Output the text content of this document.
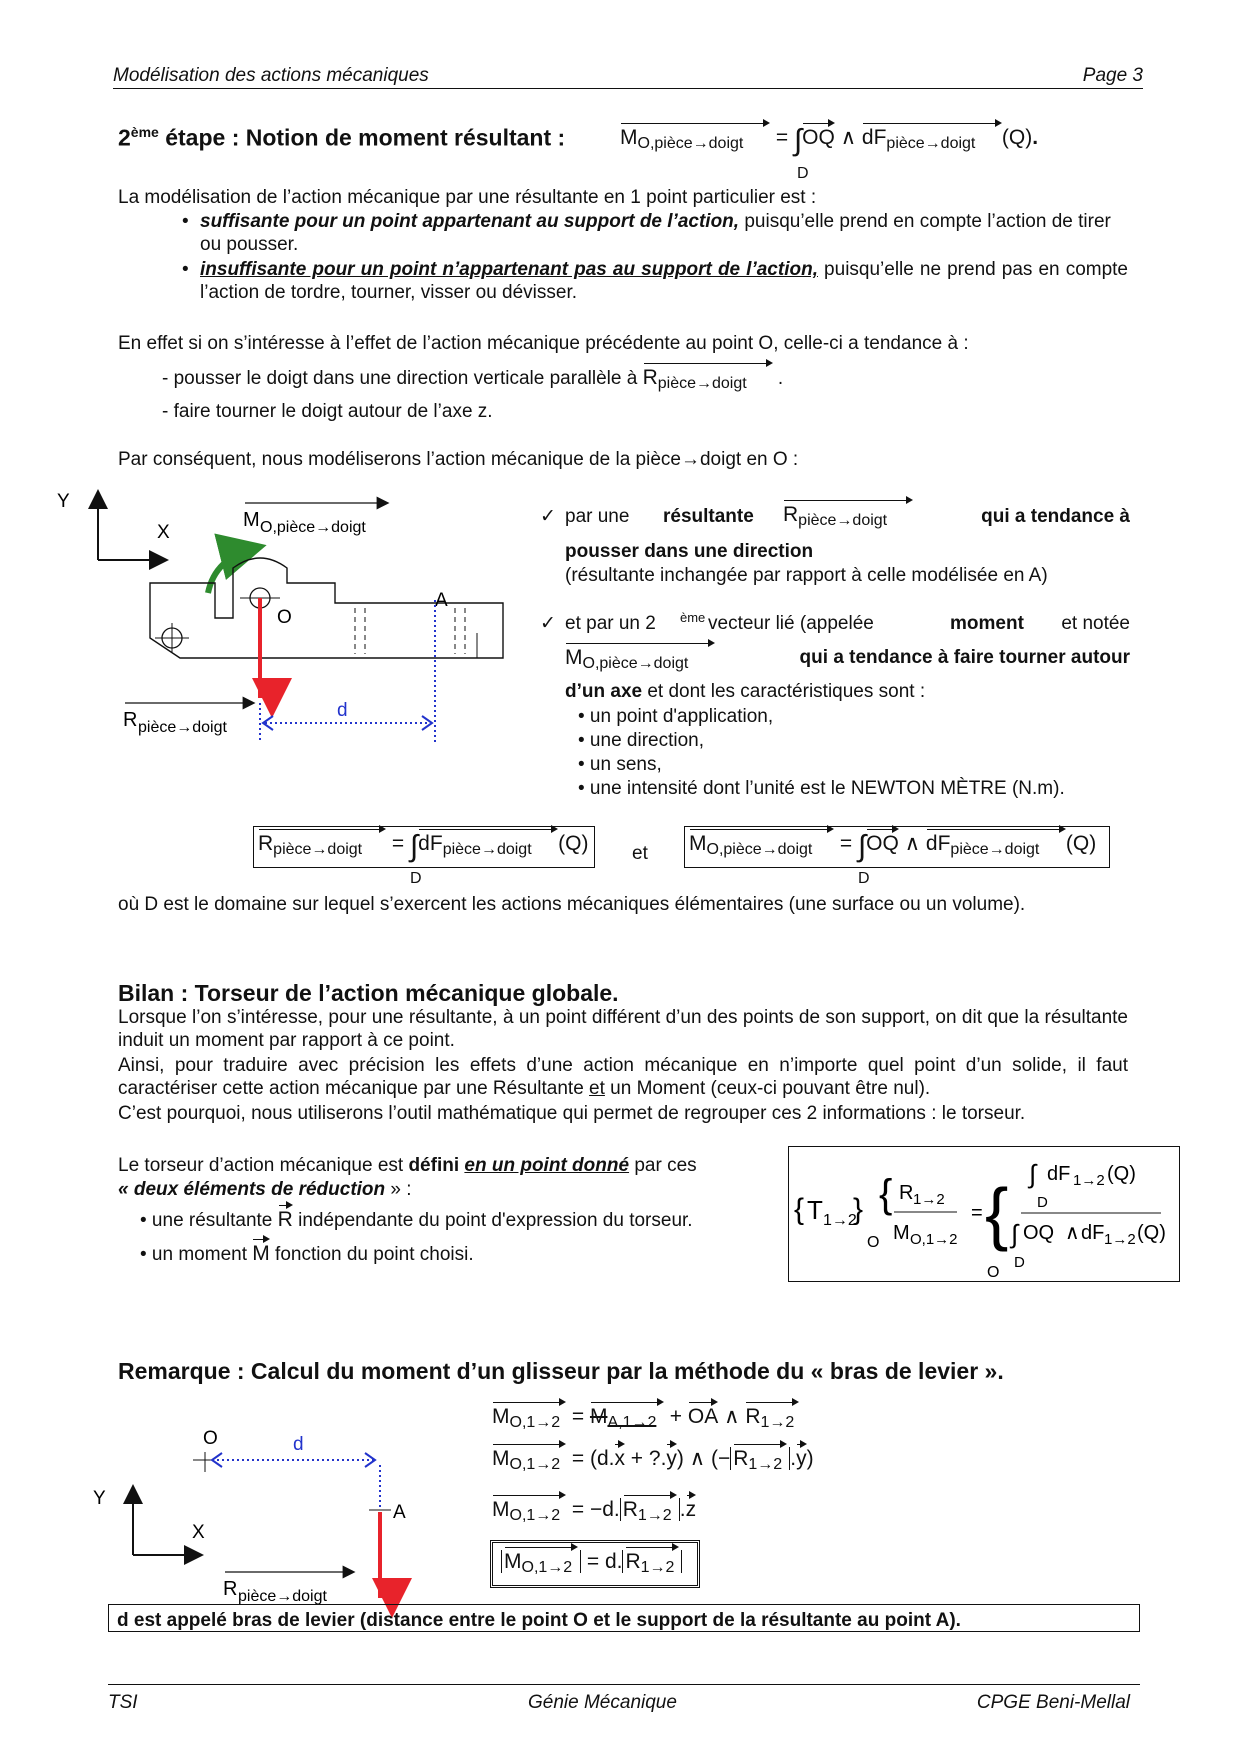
Modélisation des actions mécaniques	Page 3
2ème étape : Notion de moment résultant :	$M_{O,pièce\to doigt} = \int OQ$ ∧ $dF_{pièce\to doigt}$ (Q).
D
La modélisation de l’action mécanique par une résultante en 1 point particulier est :
• suffisante pour un point appartenant au support de l’action, puisqu’elle prend en compte l’action de tirer ou pousser.
• insuffisante pour un point n’appartenant pas au support de l’action, puisqu’elle ne prend pas en compte l’action de tordre, tourner, visser ou dévisser.
En effet si on s’intéresse à l’effet de l’action mécanique précédente au point O, celle-ci a tendance à :
- pousser le doigt dans une direction verticale parallèle à $R_{pièce\to doigt}$ .
- faire tourner le doigt autour de l’axe z.
Par conséquent, nous modéliserons l’action mécanique de la pièce→doigt en O :
Y
X
M O,pièce→doigt
O
A
d
R pièce→doigt
✓ par une résultante $R_{pièce\to doigt}$	qui a tendance à
pousser dans une direction
(résultante inchangée par rapport à celle modélisée en A)
✓ et par un 2 ème vecteur lié (appelée	moment et notée
$M_{O,pièce\to doigt}$	qui a tendance à faire tourner autour
d’un axe et dont les caractéristiques sont :
• un point d'application,
• une direction,
• un sens,
• une intensité dont l’unité est le NEWTON MÈTRE (N.m).
$R_{pièce\to doigt} = \int dF_{pièce\to doigt}$ (Q)
D
et $M_{O,pièce\to doigt} = \int OQ$ ∧ $dF_{pièce\to doigt}$ (Q)
D
où D est le domaine sur lequel s’exercent les actions mécaniques élémentaires (une surface ou un volume).
Bilan : Torseur de l’action mécanique globale.
Lorsque l’on s’intéresse, pour une résultante, à un point différent d’un des points de son support, on dit que la résultante induit un moment par rapport à ce point.
Ainsi, pour traduire avec précision les effets d’une action mécanique en n’importe quel point d’un solide, il faut caractériser cette action mécanique par une Résultante et un Moment (ceux-ci pouvant être nul).
C’est pourquoi, nous utiliserons l’outil mathématique qui permet de regrouper ces 2 informations : le torseur.
Le torseur d’action mécanique est défini en un point donné par ces
« deux éléments de réduction » :
• une résultante R indépendante du point d'expression du torseur.
• un moment M fonction du point choisi.
{ T 1→2
}
O
{ R 1→2
M O,1→2
= { ∫ dF 1→2 (Q)
D
∫ OQ ∧ dF 1→2 (Q)
D
O
Remarque : Calcul du moment d’un glisseur par la méthode du « bras de levier ».
O	d
A
Y
X
R pièce→doigt
$M_{O,1\to 2} = M_{A,1\to 2}$ + OA ∧ $R_{1\to 2}$
$M_{O,1\to 2} = (d.x$ + ?.y) ∧ (− $R_{1\to 2}$ .y)
$M_{O,1\to 2} = -d$. $R_{1\to 2}$ .z
$M_{O,1\to 2} = d$. $R_{1\to 2}$
d est appelé bras de levier (distance entre le point O et le support de la résultante au point A).
TSI	Génie Mécanique	CPGE Beni-Mellal
